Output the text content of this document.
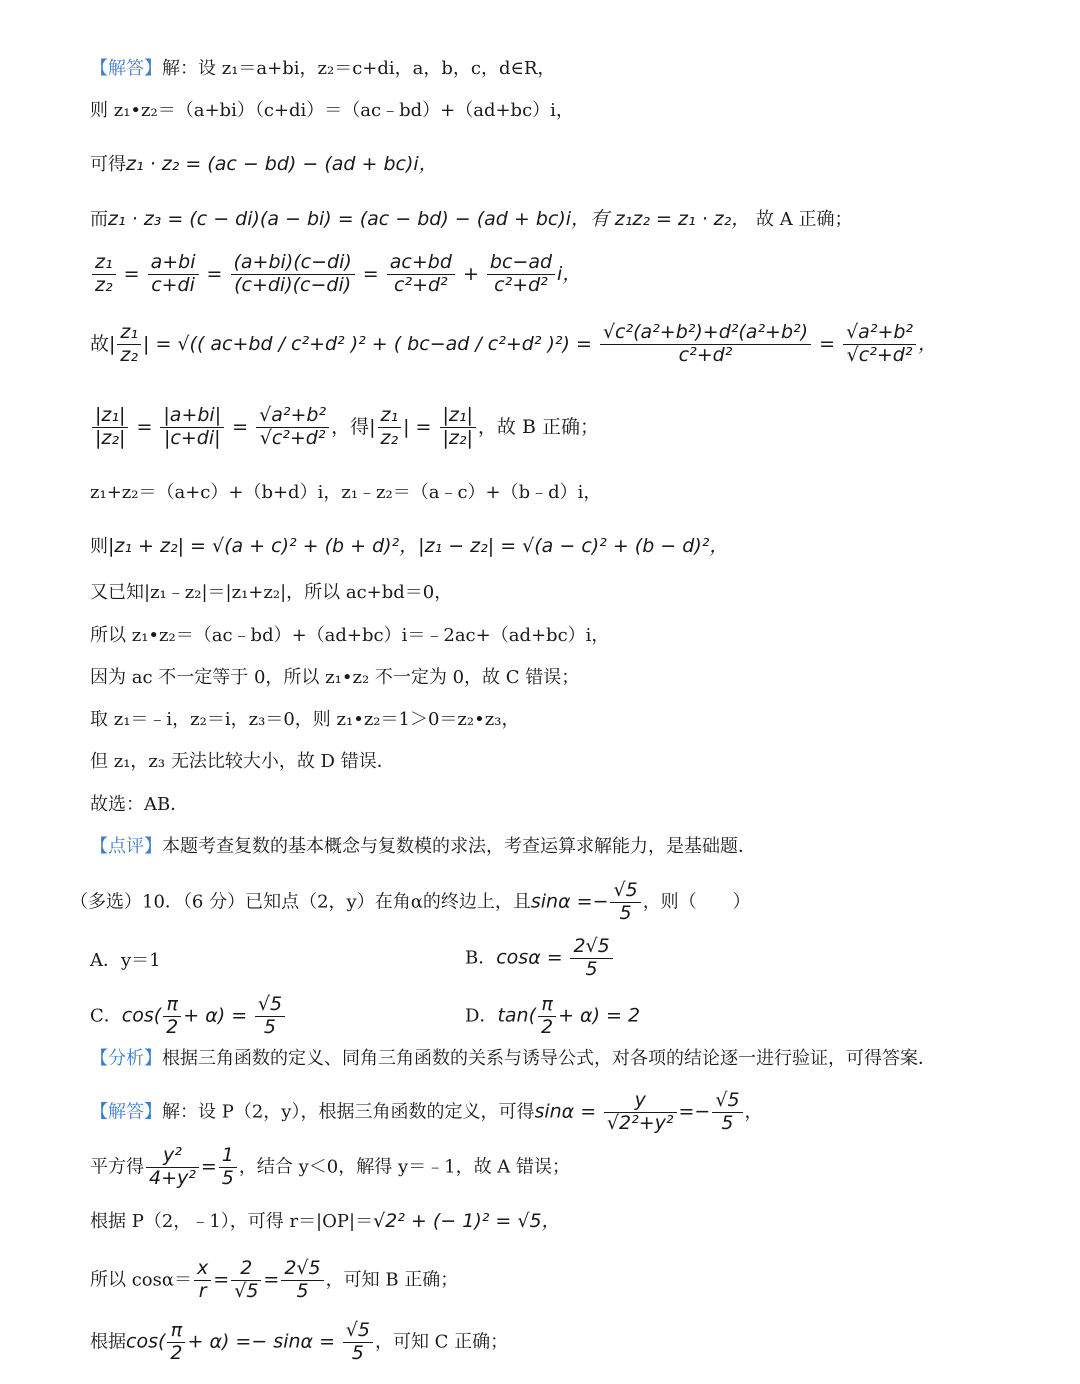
【解答】解：设 z₁＝a+bi，z₂＝c+di，a，b，c，d∈R，
则 z₁•z₂＝（a+bi）（c+di）＝（ac﹣bd）+（ad+bc）i，
可得z₁ · z₂ = (ac − bd) − (ad + bc)i，
而z₁ · z₃ = (c − di)(a − bi) = (ac − bd) − (ad + bc)i，有 z₁z₂ = z₁ · z₂， 故 A 正确；
$\frac{\text{z₁}}{\text{z₂}} = \frac{a+bi}{c+di} = \frac{(a+bi)(c-di)}{(c+di)(c-di)} = \frac{ac+bd}{\text{c²+d²}} + \frac{bc-ad}{\text{c²+d²}}$ i，
故| $\frac{\text{z₁}}{\text{z₂}}$ | = √(( ac+bd / c²+d² )² + ( bc−ad / c²+d² )$^2) = \frac{\text{√c²(a²+b²)+d²(a²+b²)}}{\text{c²+d²}} = \frac{\text{√a²+b²}}{\text{√c²+d²}}$ ，
$\frac{\text{|z₁|}}{\text{|z₂|}} = \frac{|a+bi|}{|c+di|} = \frac{\text{√a²+b²}}{\text{√c²+d²}}$ ，得| $\frac{\text{z₁}}{\text{z₂}}$ | = $\frac{\text{|z₁|}}{\text{|z₂|}}$ ，故 B 正确；
z₁+z₂＝（a+c）+（b+d）i，z₁﹣z₂＝（a﹣c）+（b﹣d）i，
则|z₁ + z₂| = √(a + c)² + (b + d)²，|z₁ − z₂| = √(a − c)² + (b − d)²，
又已知|z₁﹣z₂|＝|z₁+z₂|，所以 ac+bd＝0，
所以 z₁•z₂＝（ac﹣bd）+（ad+bc）i＝﹣2ac+（ad+bc）i，
因为 ac 不一定等于 0，所以 z₁•z₂ 不一定为 0，故 C 错误；
取 z₁＝﹣i，z₂＝i，z₃＝0，则 z₁•z₂＝1＞0＝z₂•z₃，
但 z₁，z₃ 无法比较大小，故 D 错误．
故选：AB．
【点评】本题考查复数的基本概念与复数模的求法，考查运算求解能力，是基础题．
（多选）10．（6 分）已知点（2，y）在角α的终边上，且$\sin\alpha =- \frac{√5}{5}$ ，则（　　）
A．y＝1	B．$\cos\alpha = \frac{2√5}{5}$
C．$\cos( \frac{\pi}{2} + \alpha) = \frac{√5}{5}$	D．$\tan( \frac{\pi}{2} + \alpha) = 2$
【分析】根据三角函数的定义、同角三角函数的关系与诱导公式，对各项的结论逐一进行验证，可得答案．
【解答】解：设 P（2，y），根据三角函数的定义，可得$\sin\alpha = \frac{y}{\text{√2²+y²}} =- \frac{√5}{5}$ ，
平方得 $\frac{\text{y²}}{\text{4+y²}} = \frac{1}{5}$ ，结合 y＜0，解得 y＝﹣1，故 A 错误；
根据 P（2，﹣1），可得 r＝|OP|＝√2² + (− 1)² = √5，
所以 $\cos\alpha= \frac{x}{r} = \frac{2}{√5} = \frac{2√5}{5}$ ，可知 B 正确；
根据$\cos( \frac{\pi}{2} + \alpha) =- \sin\alpha = \frac{√5}{5}$ ，可知 C 正确；
